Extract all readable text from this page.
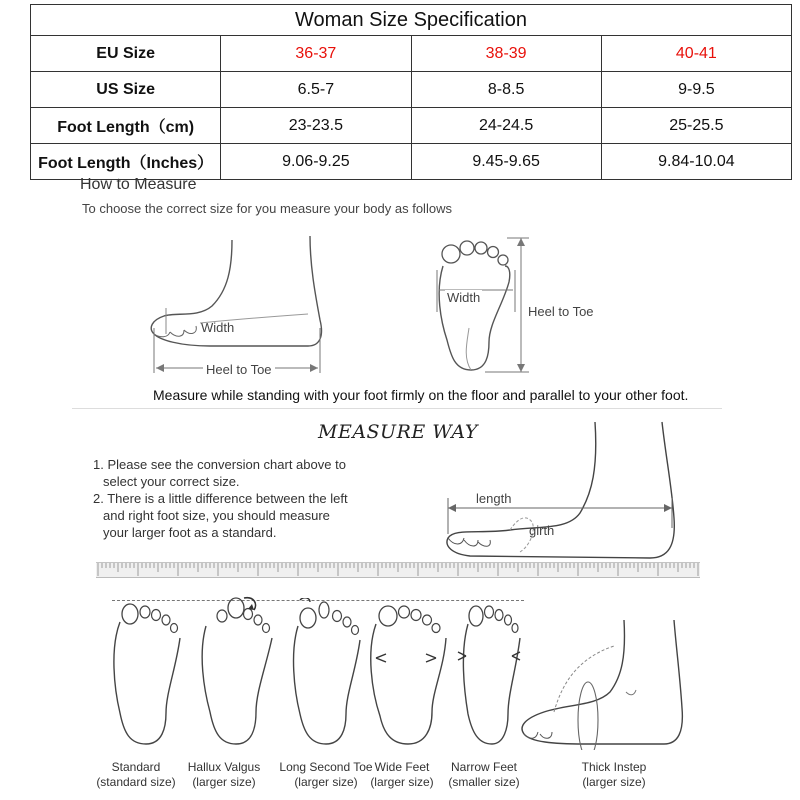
Woman Size Specification			
EU Size	36-37	38-39	40-41
US Size	6.5-7	8-8.5	9-9.5
Foot Length（cm)	23-23.5	24-24.5	25-25.5
Foot Length（Inches）	9.06-9.25	9.45-9.65	9.84-10.04
How to Measure
To choose the correct size for you measure your body as follows
Width
Heel to Toe
Width
Heel to Toe
Measure while standing with your foot firmly on the floor and parallel to your other foot.
MEASURE WAY
1. Please see the conversion chart above to
select your correct size.
2. There is a little difference between the left
and right foot size, you should measure
your larger foot as a standard.
length
girth
Standard
(standard size)
Hallux Valgus
(larger size)
Long Second Toe
(larger size)
Wide Feet
(larger size)
Narrow Feet
(smaller size)
Thick Instep
(larger size)
